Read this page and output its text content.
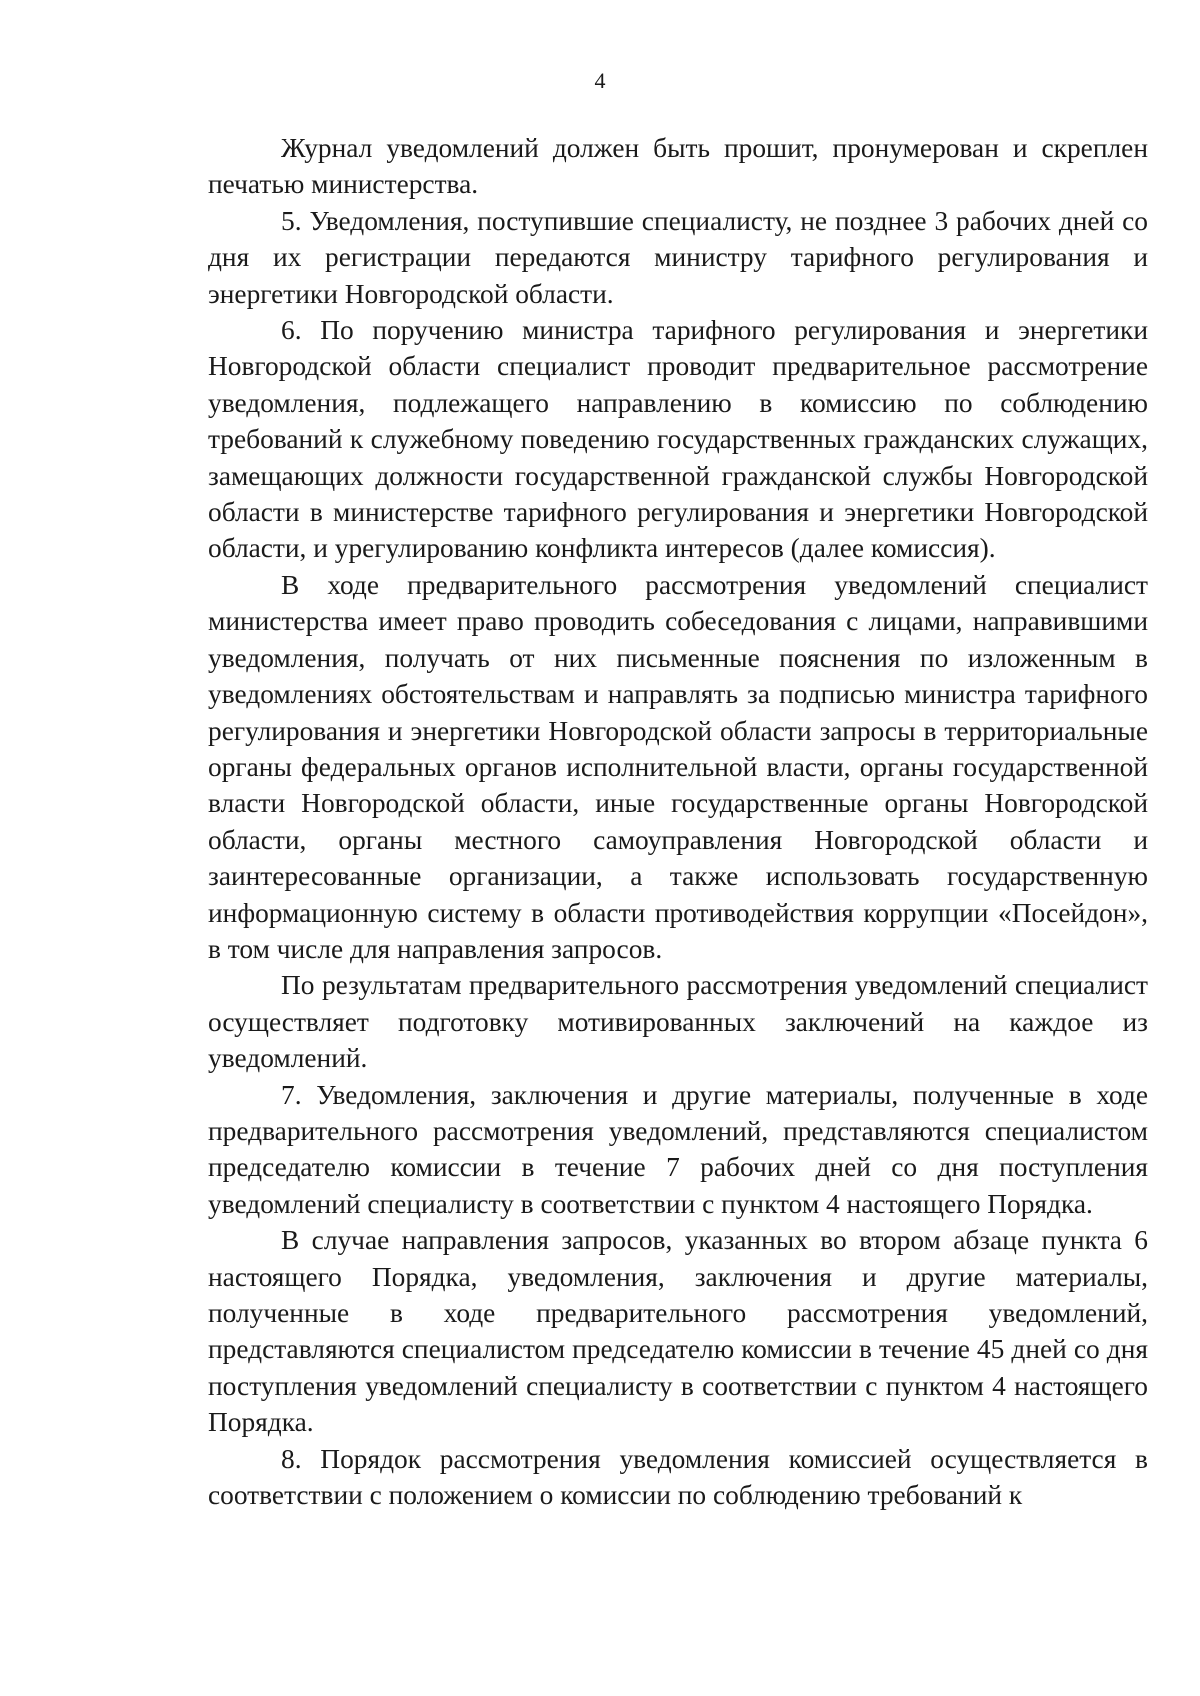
4

Журнал уведомлений должен быть прошит, пронумерован и скреплен печатью министерства.

5. Уведомления, поступившие специалисту, не позднее 3 рабочих дней со дня их регистрации передаются министру тарифного регулирования и энергетики Новгородской области.

6. По поручению министра тарифного регулирования и энергетики Новгородской области специалист проводит предварительное рассмотрение уведомления, подлежащего направлению в комиссию по соблюдению требований к служебному поведению государственных гражданских служащих, замещающих должности государственной гражданской службы Новгородской области в министерстве тарифного регулирования и энергетики Новгородской области, и урегулированию конфликта интересов (далее комиссия).

В ходе предварительного рассмотрения уведомлений специалист министерства имеет право проводить собеседования с лицами, направившими уведомления, получать от них письменные пояснения по изложенным в уведомлениях обстоятельствам и направлять за подписью министра тарифного регулирования и энергетики Новгородской области запросы в территориальные органы федеральных органов исполнительной власти, органы государственной власти Новгородской области, иные государственные органы Новгородской области, органы местного самоуправления Новгородской области и заинтересованные организации, а также использовать государственную информационную систему в области противодействия коррупции «Посейдон», в том числе для направления запросов.

По результатам предварительного рассмотрения уведомлений специалист осуществляет подготовку мотивированных заключений на каждое из уведомлений.

7. Уведомления, заключения и другие материалы, полученные в ходе предварительного рассмотрения уведомлений, представляются специалистом председателю комиссии в течение 7 рабочих дней со дня поступления уведомлений специалисту в соответствии с пунктом 4 настоящего Порядка.

В случае направления запросов, указанных во втором абзаце пункта 6 настоящего Порядка, уведомления, заключения и другие материалы, полученные в ходе предварительного рассмотрения уведомлений, представляются специалистом председателю комиссии в течение 45 дней со дня поступления уведомлений специалисту в соответствии с пунктом 4 настоящего Порядка.

8. Порядок рассмотрения уведомления комиссией осуществляется в соответствии с положением о комиссии по соблюдению требований к
